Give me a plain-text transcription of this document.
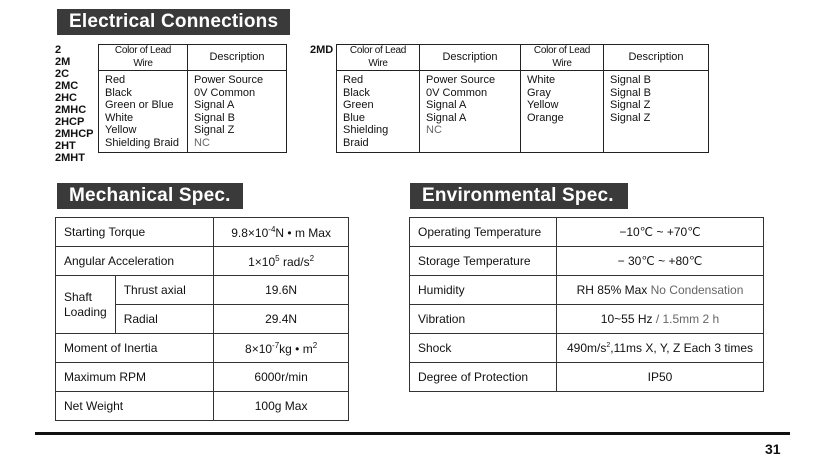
Electrical Connections
2
2M
2C
2MC
2HC
2MHC
2HCP
2MHCP
2HT
2MHT
Color of Lead Wire	Description
Red	Power Source
Black	0V Common
Green or Blue	Signal A
White	Signal B
Yellow	Signal Z
Shielding Braid	NC
2MD Color of Lead Wire	Description	Color of Lead Wire	Description
Red	Power Source	White	Signal B
Black	0V Common	Gray	Signal B
Green	Signal A	Yellow	Signal Z
Blue	Signal A	Orange	Signal Z
Shielding Braid	NC		
Mechanical Spec.
Starting Torque		$9.8\times 10^{-4}N$ • m Max
Angular Acceleration		$1\times 10^5$ rad/$s^2$
Shaft
Loading	Thrust axial	19.6N
	Radial	29.4N
Moment of Inertia		$8\times 10^{-7}kg$ • $m^2$
Maximum RPM		6000r/min
Net Weight		100g Max
Environmental Spec.
Operating Temperature	−10℃ ~ +70℃
Storage Temperature	− 30℃ ~ +80℃
Humidity	RH 85% Max No Condensation
Vibration	10~55 Hz / 1.5mm 2 h
Shock	$490m/s^2,11ms$ X, Y, Z Each 3 times
Degree of Protection	IP50
31
